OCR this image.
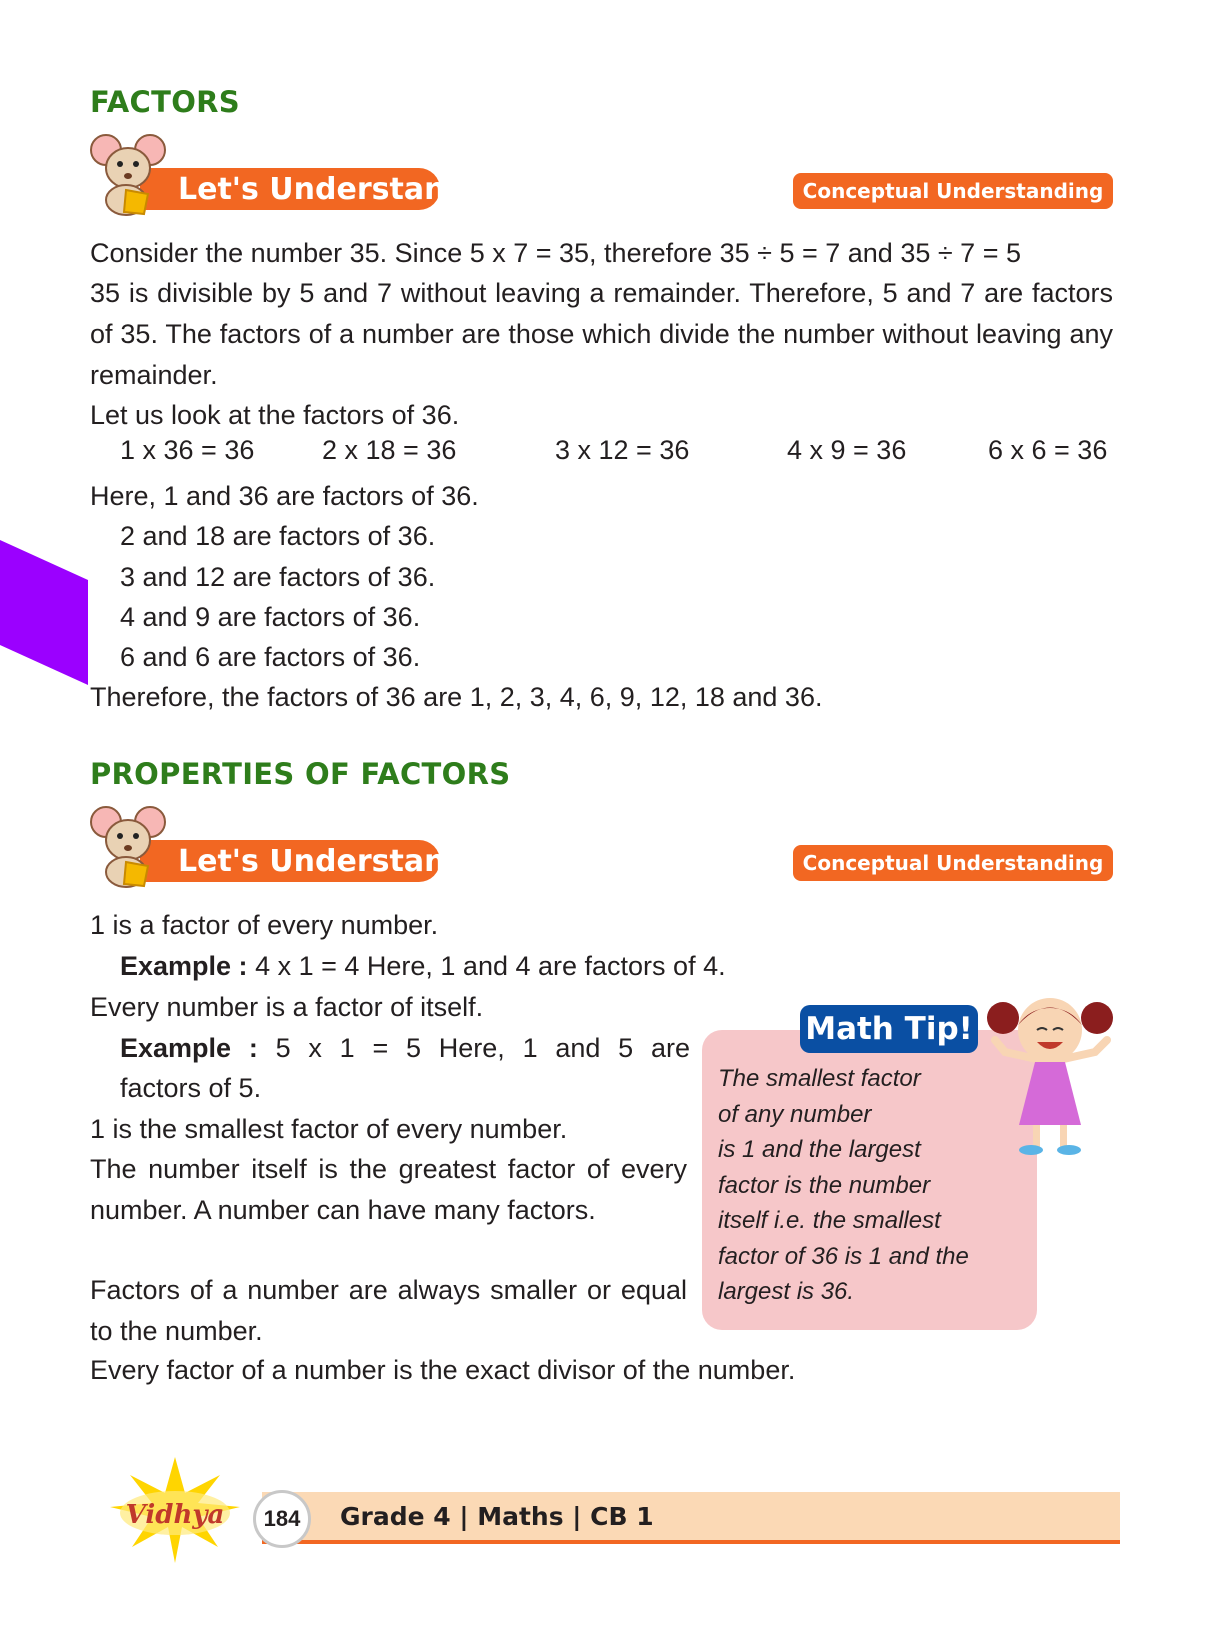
FACTORS
Let's Understand	Conceptual Understanding
Consider the number 35. Since 5 x 7 = 35, therefore 35 ÷ 5 = 7 and 35 ÷ 7 = 5
35 is divisible by 5 and 7 without leaving a remainder. Therefore, 5 and 7 are factors of 35. The factors of a number are those which divide the number without leaving any remainder.
Let us look at the factors of 36.
1 x 36 = 36	2 x 18 = 36	3 x 12 = 36	4 x 9 = 36	6 x 6 = 36
Here, 1 and 36 are factors of 36.
2 and 18 are factors of 36.
3 and 12 are factors of 36.
4 and 9 are factors of 36.
6 and 6 are factors of 36.
Therefore, the factors of 36 are 1, 2, 3, 4, 6, 9, 12, 18 and 36.
PROPERTIES OF FACTORS
Let's Understand	Conceptual Understanding
1 is a factor of every number.
Example : 4 x 1 = 4 Here, 1 and 4 are factors of 4.
Every number is a factor of itself.
Example : 5 x 1 = 5 Here, 1 and 5 are
factors of 5.
1 is the smallest factor of every number.
The number itself is the greatest factor of every number. A number can have many factors.
Factors of a number are always smaller or equal to the number.
Every factor of a number is the exact divisor of the number.
Math Tip!
The smallest factor
of any number
is 1 and the largest
factor is the number
itself i.e. the smallest
factor of 36 is 1 and the
largest is 36.
Vidhya	184	Grade 4 | Maths | CB 1
